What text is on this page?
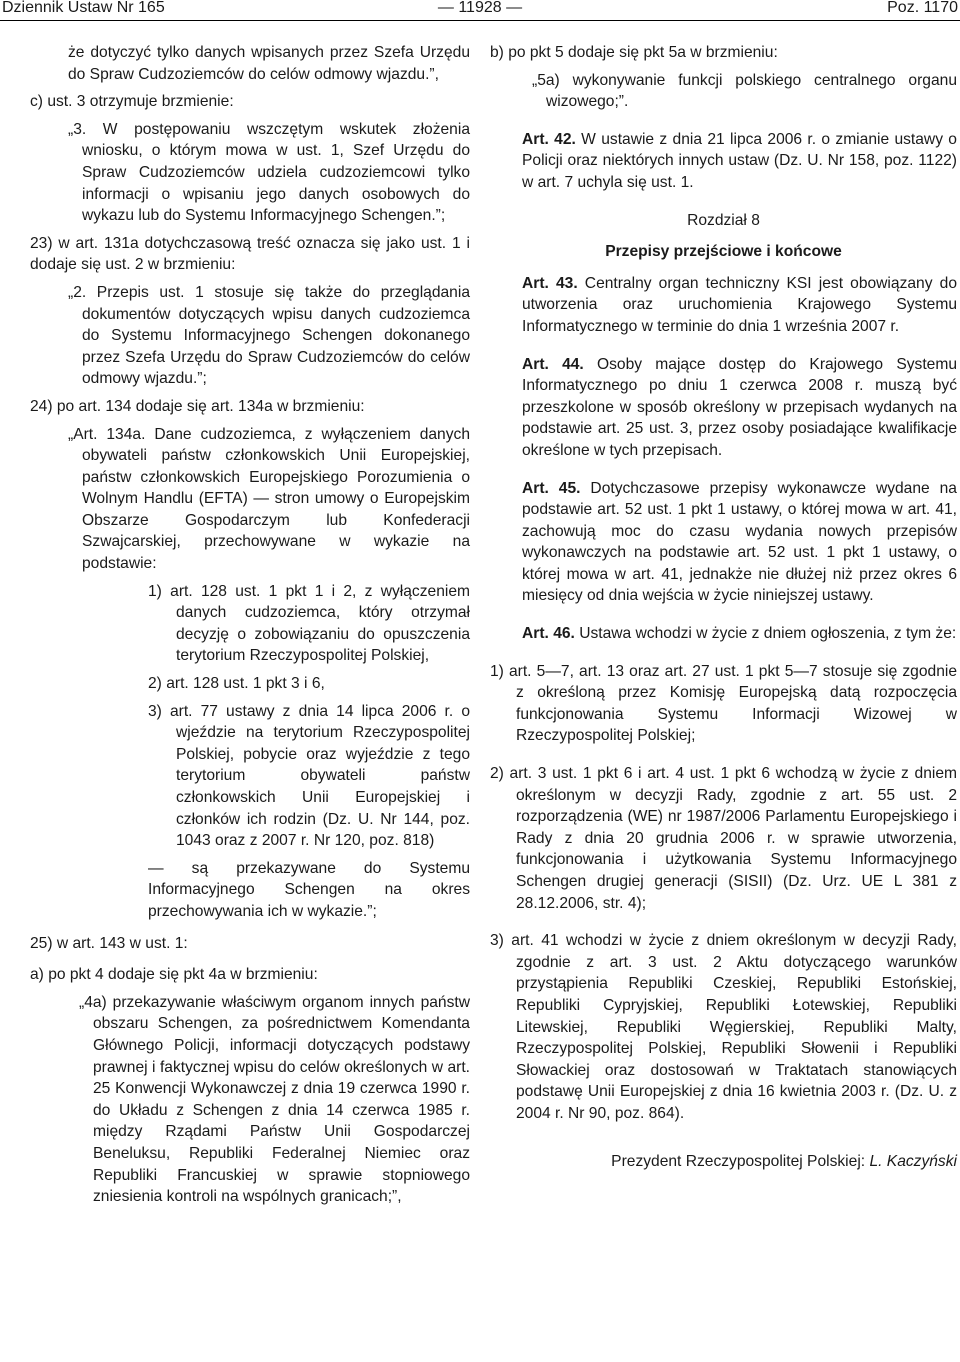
Dziennik Ustaw Nr 165	— 11928 —	Poz. 1170

że dotyczyć tylko danych wpisanych przez Szefa Urzędu do Spraw Cudzoziemców do celów odmowy wjazdu.”,

c) ust. 3 otrzymuje brzmienie:

„3. W postępowaniu wszczętym wskutek złożenia wniosku, o którym mowa w ust. 1, Szef Urzędu do Spraw Cudzoziemców udziela cudzoziemcowi tylko informacji o wpisaniu jego danych osobowych do wykazu lub do Systemu Informacyjnego Schengen.”;

23) w art. 131a dotychczasową treść oznacza się jako ust. 1 i dodaje się ust. 2 w brzmieniu:

„2. Przepis ust. 1 stosuje się także do przeglądania dokumentów dotyczących wpisu danych cudzoziemca do Systemu Informacyjnego Schengen dokonanego przez Szefa Urzędu do Spraw Cudzoziemców do celów odmowy wjazdu.”;

24) po art. 134 dodaje się art. 134a w brzmieniu:

„Art. 134a. Dane cudzoziemca, z wyłączeniem danych obywateli państw członkowskich Unii Europejskiej, państw członkowskich Europejskiego Porozumienia o Wolnym Handlu (EFTA) — stron umowy o Europejskim Obszarze Gospodarczym lub Konfederacji Szwajcarskiej, przechowywane w wykazie na podstawie:

1) art. 128 ust. 1 pkt 1 i 2, z wyłączeniem danych cudzoziemca, który otrzymał decyzję o zobowiązaniu do opuszczenia terytorium Rzeczypospolitej Polskiej,

2) art. 128 ust. 1 pkt 3 i 6,

3) art. 77 ustawy z dnia 14 lipca 2006 r. o wjeździe na terytorium Rzeczypospolitej Polskiej, pobycie oraz wyjeździe z tego terytorium obywateli państw członkowskich Unii Europejskiej i członków ich rodzin (Dz. U. Nr 144, poz. 1043 oraz z 2007 r. Nr 120, poz. 818)

— są przekazywane do Systemu Informacyjnego Schengen na okres przechowywania ich w wykazie.”;

25) w art. 143 w ust. 1:

a) po pkt 4 dodaje się pkt 4a w brzmieniu:

„4a) przekazywanie właściwym organom innych państw obszaru Schengen, za pośrednictwem Komendanta Głównego Policji, informacji dotyczących podstawy prawnej i faktycznej wpisu do celów określonych w art. 25 Konwencji Wykonawczej z dnia 19 czerwca 1990 r. do Układu z Schengen z dnia 14 czerwca 1985 r. między Rządami Państw Unii Gospodarczej Beneluksu, Republiki Federalnej Niemiec oraz Republiki Francuskiej w sprawie stopniowego zniesienia kontroli na wspólnych granicach;”,

b) po pkt 5 dodaje się pkt 5a w brzmieniu:

„5a) wykonywanie funkcji polskiego centralnego organu wizowego;”.

Art. 42. W ustawie z dnia 21 lipca 2006 r. o zmianie ustawy o Policji oraz niektórych innych ustaw (Dz. U. Nr 158, poz. 1122) w art. 7 uchyla się ust. 1.

Rozdział 8

Przepisy przejściowe i końcowe

Art. 43. Centralny organ techniczny KSI jest obowiązany do utworzenia oraz uruchomienia Krajowego Systemu Informatycznego w terminie do dnia 1 września 2007 r.

Art. 44. Osoby mające dostęp do Krajowego Systemu Informatycznego po dniu 1 czerwca 2008 r. muszą być przeszkolone w sposób określony w przepisach wydanych na podstawie art. 25 ust. 3, przez osoby posiadające kwalifikacje określone w tych przepisach.

Art. 45. Dotychczasowe przepisy wykonawcze wydane na podstawie art. 52 ust. 1 pkt 1 ustawy, o której mowa w art. 41, zachowują moc do czasu wydania nowych przepisów wykonawczych na podstawie art. 52 ust. 1 pkt 1 ustawy, o której mowa w art. 41, jednakże nie dłużej niż przez okres 6 miesięcy od dnia wejścia w życie niniejszej ustawy.

Art. 46. Ustawa wchodzi w życie z dniem ogłoszenia, z tym że:

1) art. 5—7, art. 13 oraz art. 27 ust. 1 pkt 5—7 stosuje się zgodnie z określoną przez Komisję Europejską datą rozpoczęcia funkcjonowania Systemu Informacji Wizowej w Rzeczypospolitej Polskiej;

2) art. 3 ust. 1 pkt 6 i art. 4 ust. 1 pkt 6 wchodzą w życie z dniem określonym w decyzji Rady, zgodnie z art. 55 ust. 2 rozporządzenia (WE) nr 1987/2006 Parlamentu Europejskiego i Rady z dnia 20 grudnia 2006 r. w sprawie utworzenia, funkcjonowania i użytkowania Systemu Informacyjnego Schengen drugiej generacji (SISII) (Dz. Urz. UE L 381 z 28.12.2006, str. 4);

3) art. 41 wchodzi w życie z dniem określonym w decyzji Rady, zgodnie z art. 3 ust. 2 Aktu dotyczącego warunków przystąpienia Republiki Czeskiej, Republiki Estońskiej, Republiki Cypryjskiej, Republiki Łotewskiej, Republiki Litewskiej, Republiki Węgierskiej, Republiki Malty, Rzeczypospolitej Polskiej, Republiki Słowenii i Republiki Słowackiej oraz dostosowań w Traktatach stanowiących podstawę Unii Europejskiej z dnia 16 kwietnia 2003 r. (Dz. U. z 2004 r. Nr 90, poz. 864).

Prezydent Rzeczypospolitej Polskiej: L. Kaczyński
